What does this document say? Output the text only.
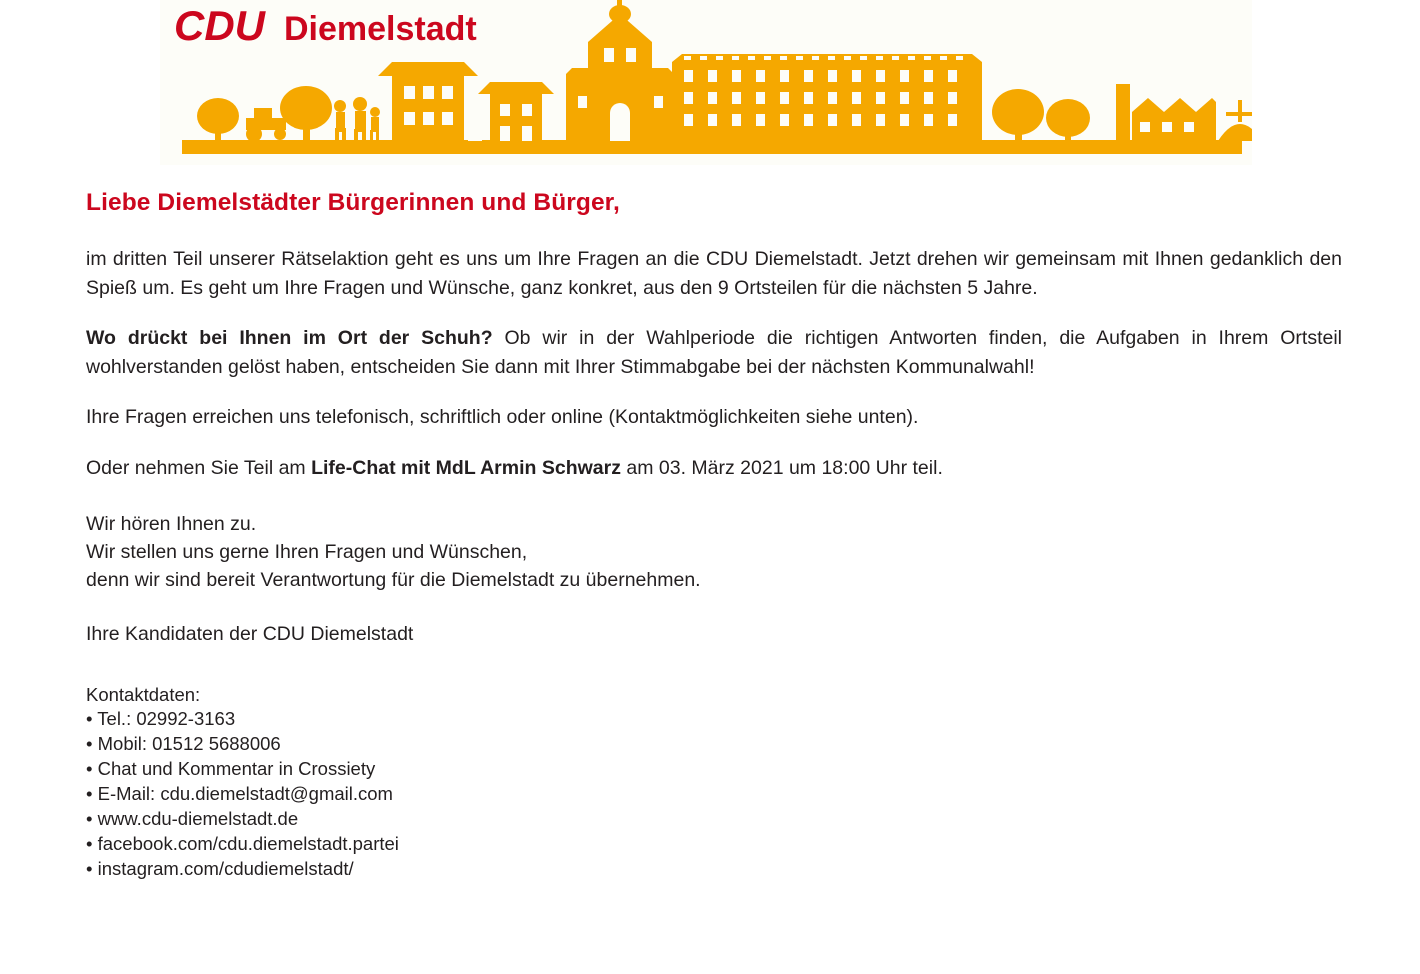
CDU Diemelstadt
Liebe Diemelstädter Bürgerinnen und Bürger,

im dritten Teil unserer Rätselaktion geht es uns um Ihre Fragen an die CDU Diemelstadt. Jetzt drehen wir gemeinsam mit Ihnen gedanklich den Spieß um. Es geht um Ihre Fragen und Wünsche, ganz konkret, aus den 9 Ortsteilen für die nächsten 5 Jahre.

Wo drückt bei Ihnen im Ort der Schuh? Ob wir in der Wahlperiode die richtigen Antworten finden, die Aufgaben in Ihrem Ortsteil wohlverstanden gelöst haben, entscheiden Sie dann mit Ihrer Stimmabgabe bei der nächsten Kommunalwahl!

Ihre Fragen erreichen uns telefonisch, schriftlich oder online (Kontaktmöglichkeiten siehe unten).

Oder nehmen Sie Teil am Life-Chat mit MdL Armin Schwarz am 03. März 2021 um 18:00 Uhr teil.

Wir hören Ihnen zu.
Wir stellen uns gerne Ihren Fragen und Wünschen,
denn wir sind bereit Verantwortung für die Diemelstadt zu übernehmen.
Ihre Kandidaten der CDU Diemelstadt
Kontaktdaten:
• Tel.: 02992-3163
• Mobil: 01512 5688006
• Chat und Kommentar in Crossiety
• E-Mail: cdu.diemelstadt@gmail.com
• www.cdu-diemelstadt.de
• facebook.com/cdu.diemelstadt.partei
• instagram.com/cdudiemelstadt/
